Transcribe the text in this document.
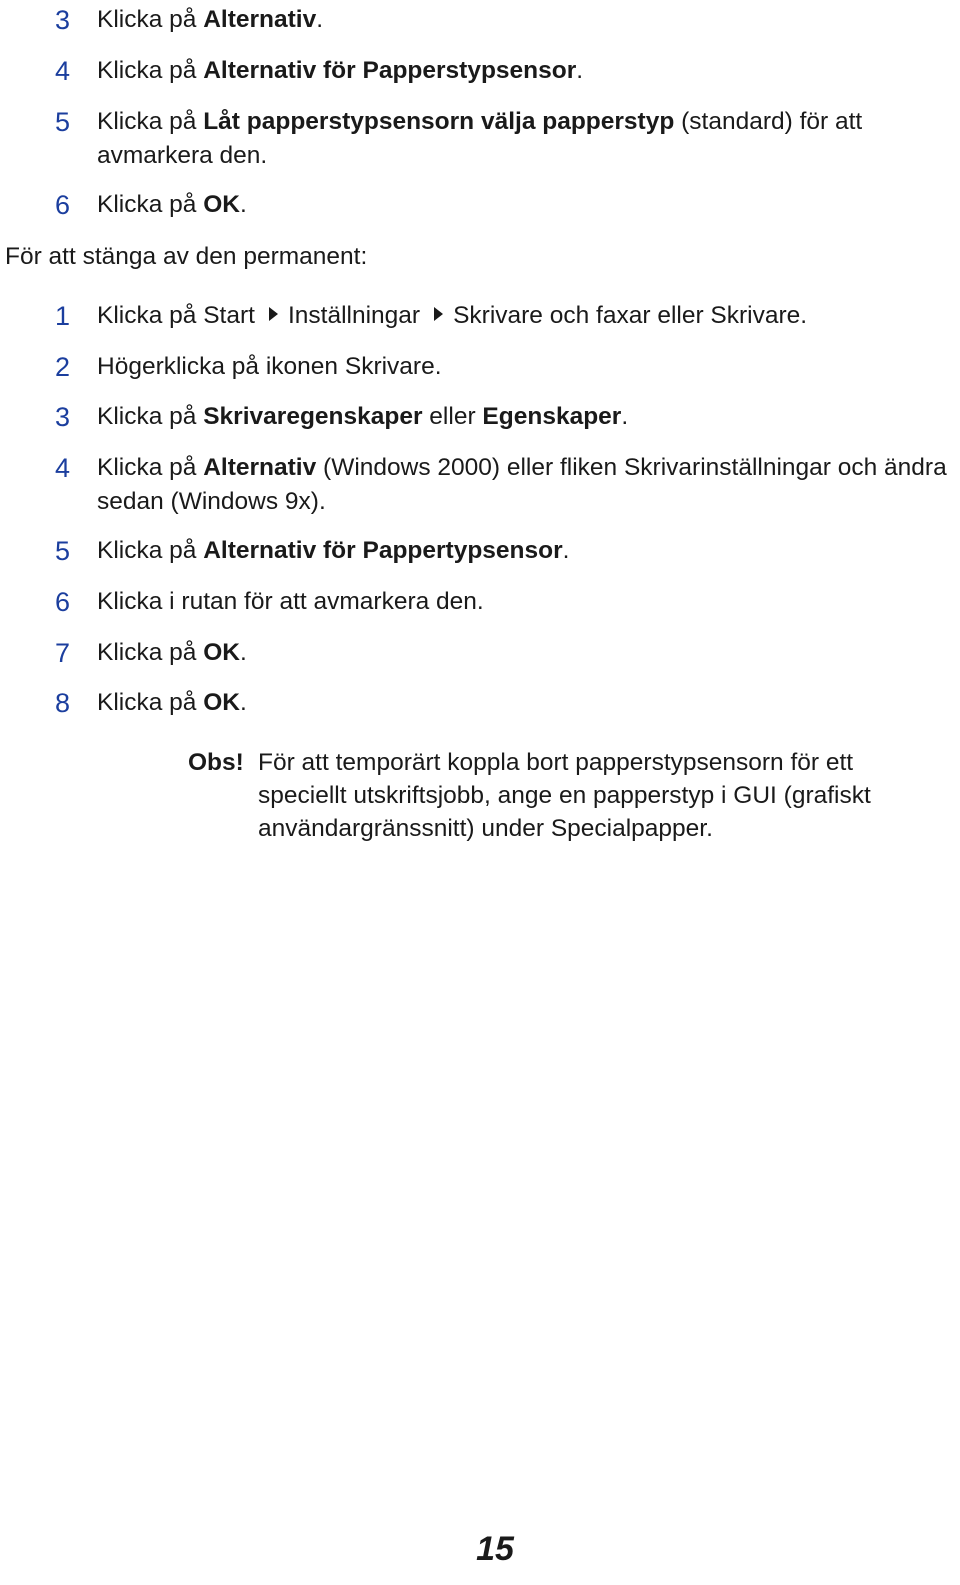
3 Klicka på Alternativ.
4 Klicka på Alternativ för Papperstypsensor.
5 Klicka på Låt papperstypsensorn välja papperstyp (standard) för att avmarkera den.
6 Klicka på OK.
För att stänga av den permanent:
1 Klicka på Start Inställningar Skrivare och faxar eller Skrivare.
2 Högerklicka på ikonen Skrivare.
3 Klicka på Skrivaregenskaper eller Egenskaper.
4 Klicka på Alternativ (Windows 2000) eller fliken Skrivarinställningar och ändra sedan (Windows 9x).
5 Klicka på Alternativ för Pappertypsensor.
6 Klicka i rutan för att avmarkera den.
7 Klicka på OK.
8 Klicka på OK.
Obs! För att temporärt koppla bort papperstypsensorn för ett speciellt utskriftsjobb, ange en papperstyp i GUI (grafiskt användargränssnitt) under Specialpapper.
15
